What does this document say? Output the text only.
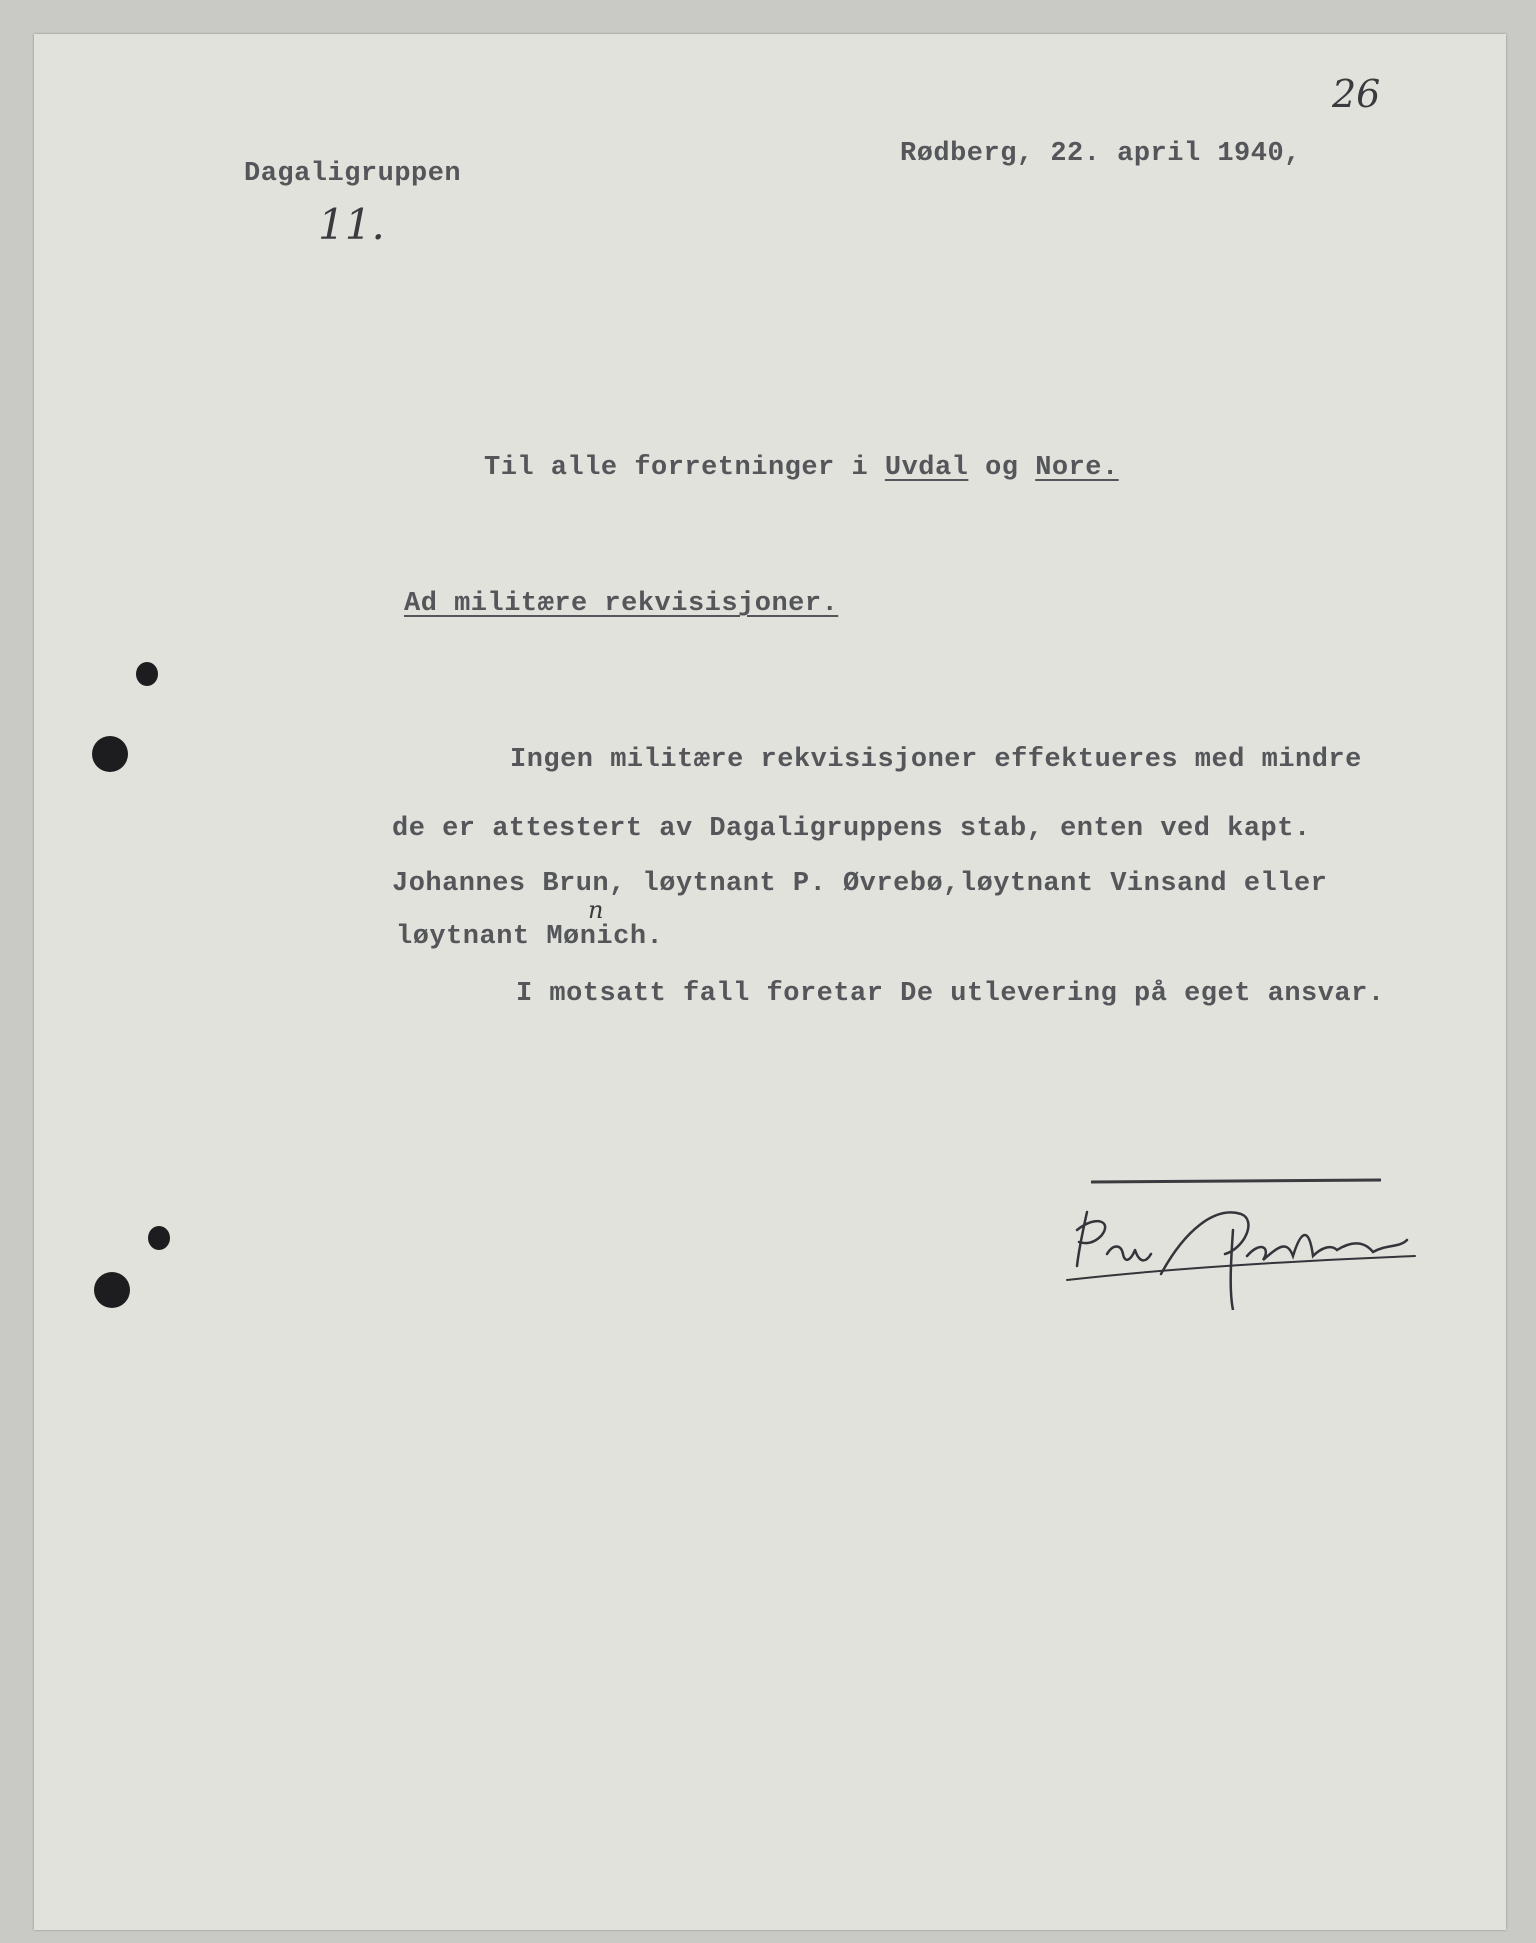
26

Dagaligruppen

Rødberg, 22. april 1940,

11.

Til alle forretninger i Uvdal og Nore.

Ad militære rekvisisjoner.

Ingen militære rekvisisjoner effektueres med mindre

de er attestert av Dagaligruppens stab, enten ved kapt.

Johannes Brun, løytnant P. Øvrebø,løytnant Vinsand eller

løytnant Mønich.

n

I motsatt fall foretar De utlevering på eget ansvar.
